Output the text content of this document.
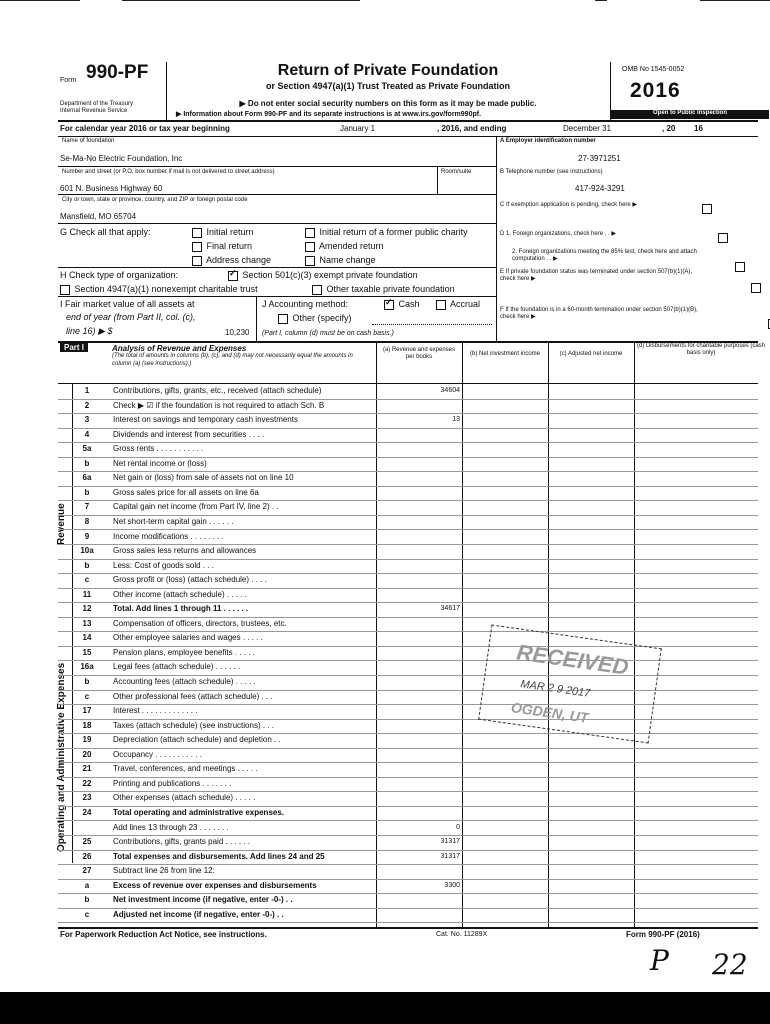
Form 990-PF
Department of the Treasury
Internal Revenue Service
Return of Private Foundation
or Section 4947(a)(1) Trust Treated as Private Foundation
▶ Do not enter social security numbers on this form as it may be made public.
▶ Information about Form 990-PF and its separate instructions is at www.irs.gov/form990pf.
OMB No 1545-0052
2016
Open to Public Inspection
For calendar year 2016 or tax year beginning	January 1	, 2016, and ending	December 31	, 20 16
Name of foundation
Se-Ma-No Electric Foundation, Inc
Number and street (or P.O. box number if mail is not delivered to street address)	Room/suite
601 N. Business Highway 60
City or town, state or province, country, and ZIP or foreign postal code
Mansfield, MO 65704
A Employer identification number
27-3971251
B Telephone number (see instructions)
417-924-3291
C If exemption application is pending, check here ▶

D 1. Foreign organizations, check here . . ▶

2. Foreign organizations meeting the 85% test, check here and attach computation . . ▶

E If private foundation status was terminated under section 507(b)(1)(A), check here ▶

F If the foundation is in a 60-month termination under section 507(b)(1)(B), check here ▶
G Check all that apply:	Initial return	Initial return of a former public charity
Final return	Amended return
Address change	Name change
H Check type of organization: ✓	Section 501(c)(3) exempt private foundation
Section 4947(a)(1) nonexempt charitable trust	Other taxable private foundation
I Fair market value of all assets at
end of year (from Part II, col. (c),
line 16) ▶ $	10,230
J Accounting method: ✓	Cash	Accrual
Other (specify)
(Part I, column (d) must be on cash basis.)
Part I	Analysis of Revenue and Expenses
(The total of amounts in columns (b), (c), and (d) may not necessarily equal the amounts in column (a) (see instructions).)
(a) Revenue and expenses per books	(b) Net investment income	(c) Adjusted net income
(d) Disbursements for charitable purposes (cash basis only)
Revenue
Operating and Administrative Expenses
1	Contributions, gifts, grants, etc., received (attach schedule)	34604
2	Check ▶ ☑ if the foundation is not required to attach Sch. B
3	Interest on savings and temporary cash investments	13
4	Dividends and interest from securities . . . .
5a	Gross rents . . . . . . . . . . .
b	Net rental income or (loss)
6a	Net gain or (loss) from sale of assets not on line 10
b	Gross sales price for all assets on line 6a
7	Capital gain net income (from Part IV, line 2) . .
8	Net short-term capital gain . . . . . .
9	Income modifications . . . . . . . .
10a	Gross sales less returns and allowances
b	Less: Cost of goods sold . . .
c	Gross profit or (loss) (attach schedule) . . . .
11	Other income (attach schedule) . . . . .
12	Total. Add lines 1 through 11 . . . . . .	34617
13	Compensation of officers, directors, trustees, etc.
14	Other employee salaries and wages . . . . .
15	Pension plans, employee benefits . . . . .
16a	Legal fees (attach schedule) . . . . . .
b	Accounting fees (attach schedule) . . . . .
c	Other professional fees (attach schedule) . . .
17	Interest . . . . . . . . . . . . .
18	Taxes (attach schedule) (see instructions) . . .
19	Depreciation (attach schedule) and depletion . .
20	Occupancy . . . . . . . . . . .
21	Travel, conferences, and meetings . . . . .
22	Printing and publications . . . . . . .
23	Other expenses (attach schedule) . . . . .
24	Total operating and administrative expenses.
Add lines 13 through 23 . . . . . . .	0
25	Contributions, gifts, grants paid . . . . . .	31317
26	Total expenses and disbursements. Add lines 24 and 25	31317
27	Subtract line 26 from line 12:
a	Excess of revenue over expenses and disbursements	3300
b	Net investment income (if negative, enter -0-) . .
c	Adjusted net income (if negative, enter -0-) . .
For Paperwork Reduction Act Notice, see instructions.	Cat. No. 11289X	Form 990-PF (2016)
RECEIVED
MAR 2 9 2017
OGDEN, UT
P 22
